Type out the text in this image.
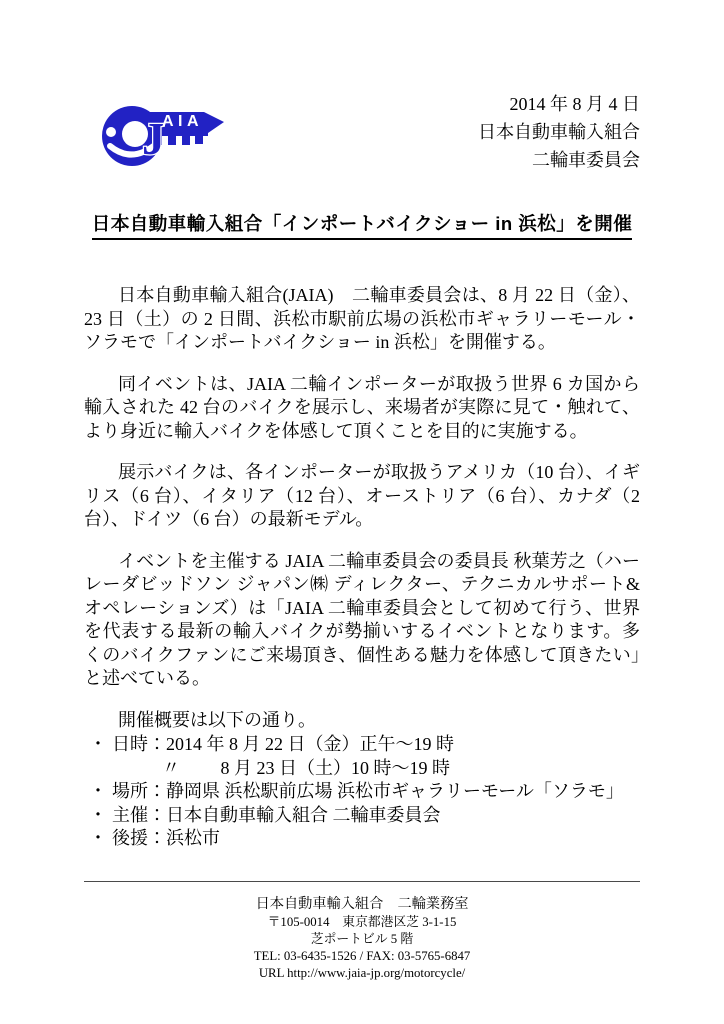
J
AIA
2014 年 8 月 4 日
日本自動車輸入組合
二輪車委員会
日本自動車輸入組合「インポートバイクショー in 浜松」を開催

日本自動車輸入組合(JAIA)　二輪車委員会は、8 月 22 日（金）、23 日（土）の 2 日間、浜松市駅前広場の浜松市ギャラリーモール・ソラモで「インポートバイクショー in 浜松」を開催する。

同イベントは、JAIA 二輪インポーターが取扱う世界 6 カ国から輸入された 42 台のバイクを展示し、来場者が実際に見て・触れて、より身近に輸入バイクを体感して頂くことを目的に実施する。

展示バイクは、各インポーターが取扱うアメリカ（10 台）、イギリス（6 台）、イタリア（12 台）、オーストリア（6 台）、カナダ（2 台）、ドイツ（6 台）の最新モデル。

イベントを主催する JAIA 二輪車委員会の委員長 秋葉芳之（ハーレーダビッドソン ジャパン㈱ ディレクター、テクニカルサポート&オペレーションズ）は「JAIA 二輪車委員会として初めて行う、世界を代表する最新の輸入バイクが勢揃いするイベントとなります。多くのバイクファンにご来場頂き、個性ある魅力を体感して頂きたい」と述べている。

開催概要は以下の通り。

・ 日時：2014 年 8 月 22 日（金）正午～19 時
〃　　 8 月 23 日（土）10 時～19 時
・ 場所：静岡県 浜松駅前広場 浜松市ギャラリーモール「ソラモ」
・ 主催：日本自動車輸入組合 二輪車委員会
・ 後援：浜松市
日本自動車輸入組合　二輪業務室
〒105-0014　東京都港区芝 3-1-15
芝ポートビル 5 階
TEL: 03-6435-1526 / FAX: 03-5765-6847
URL http://www.jaia-jp.org/motorcycle/
